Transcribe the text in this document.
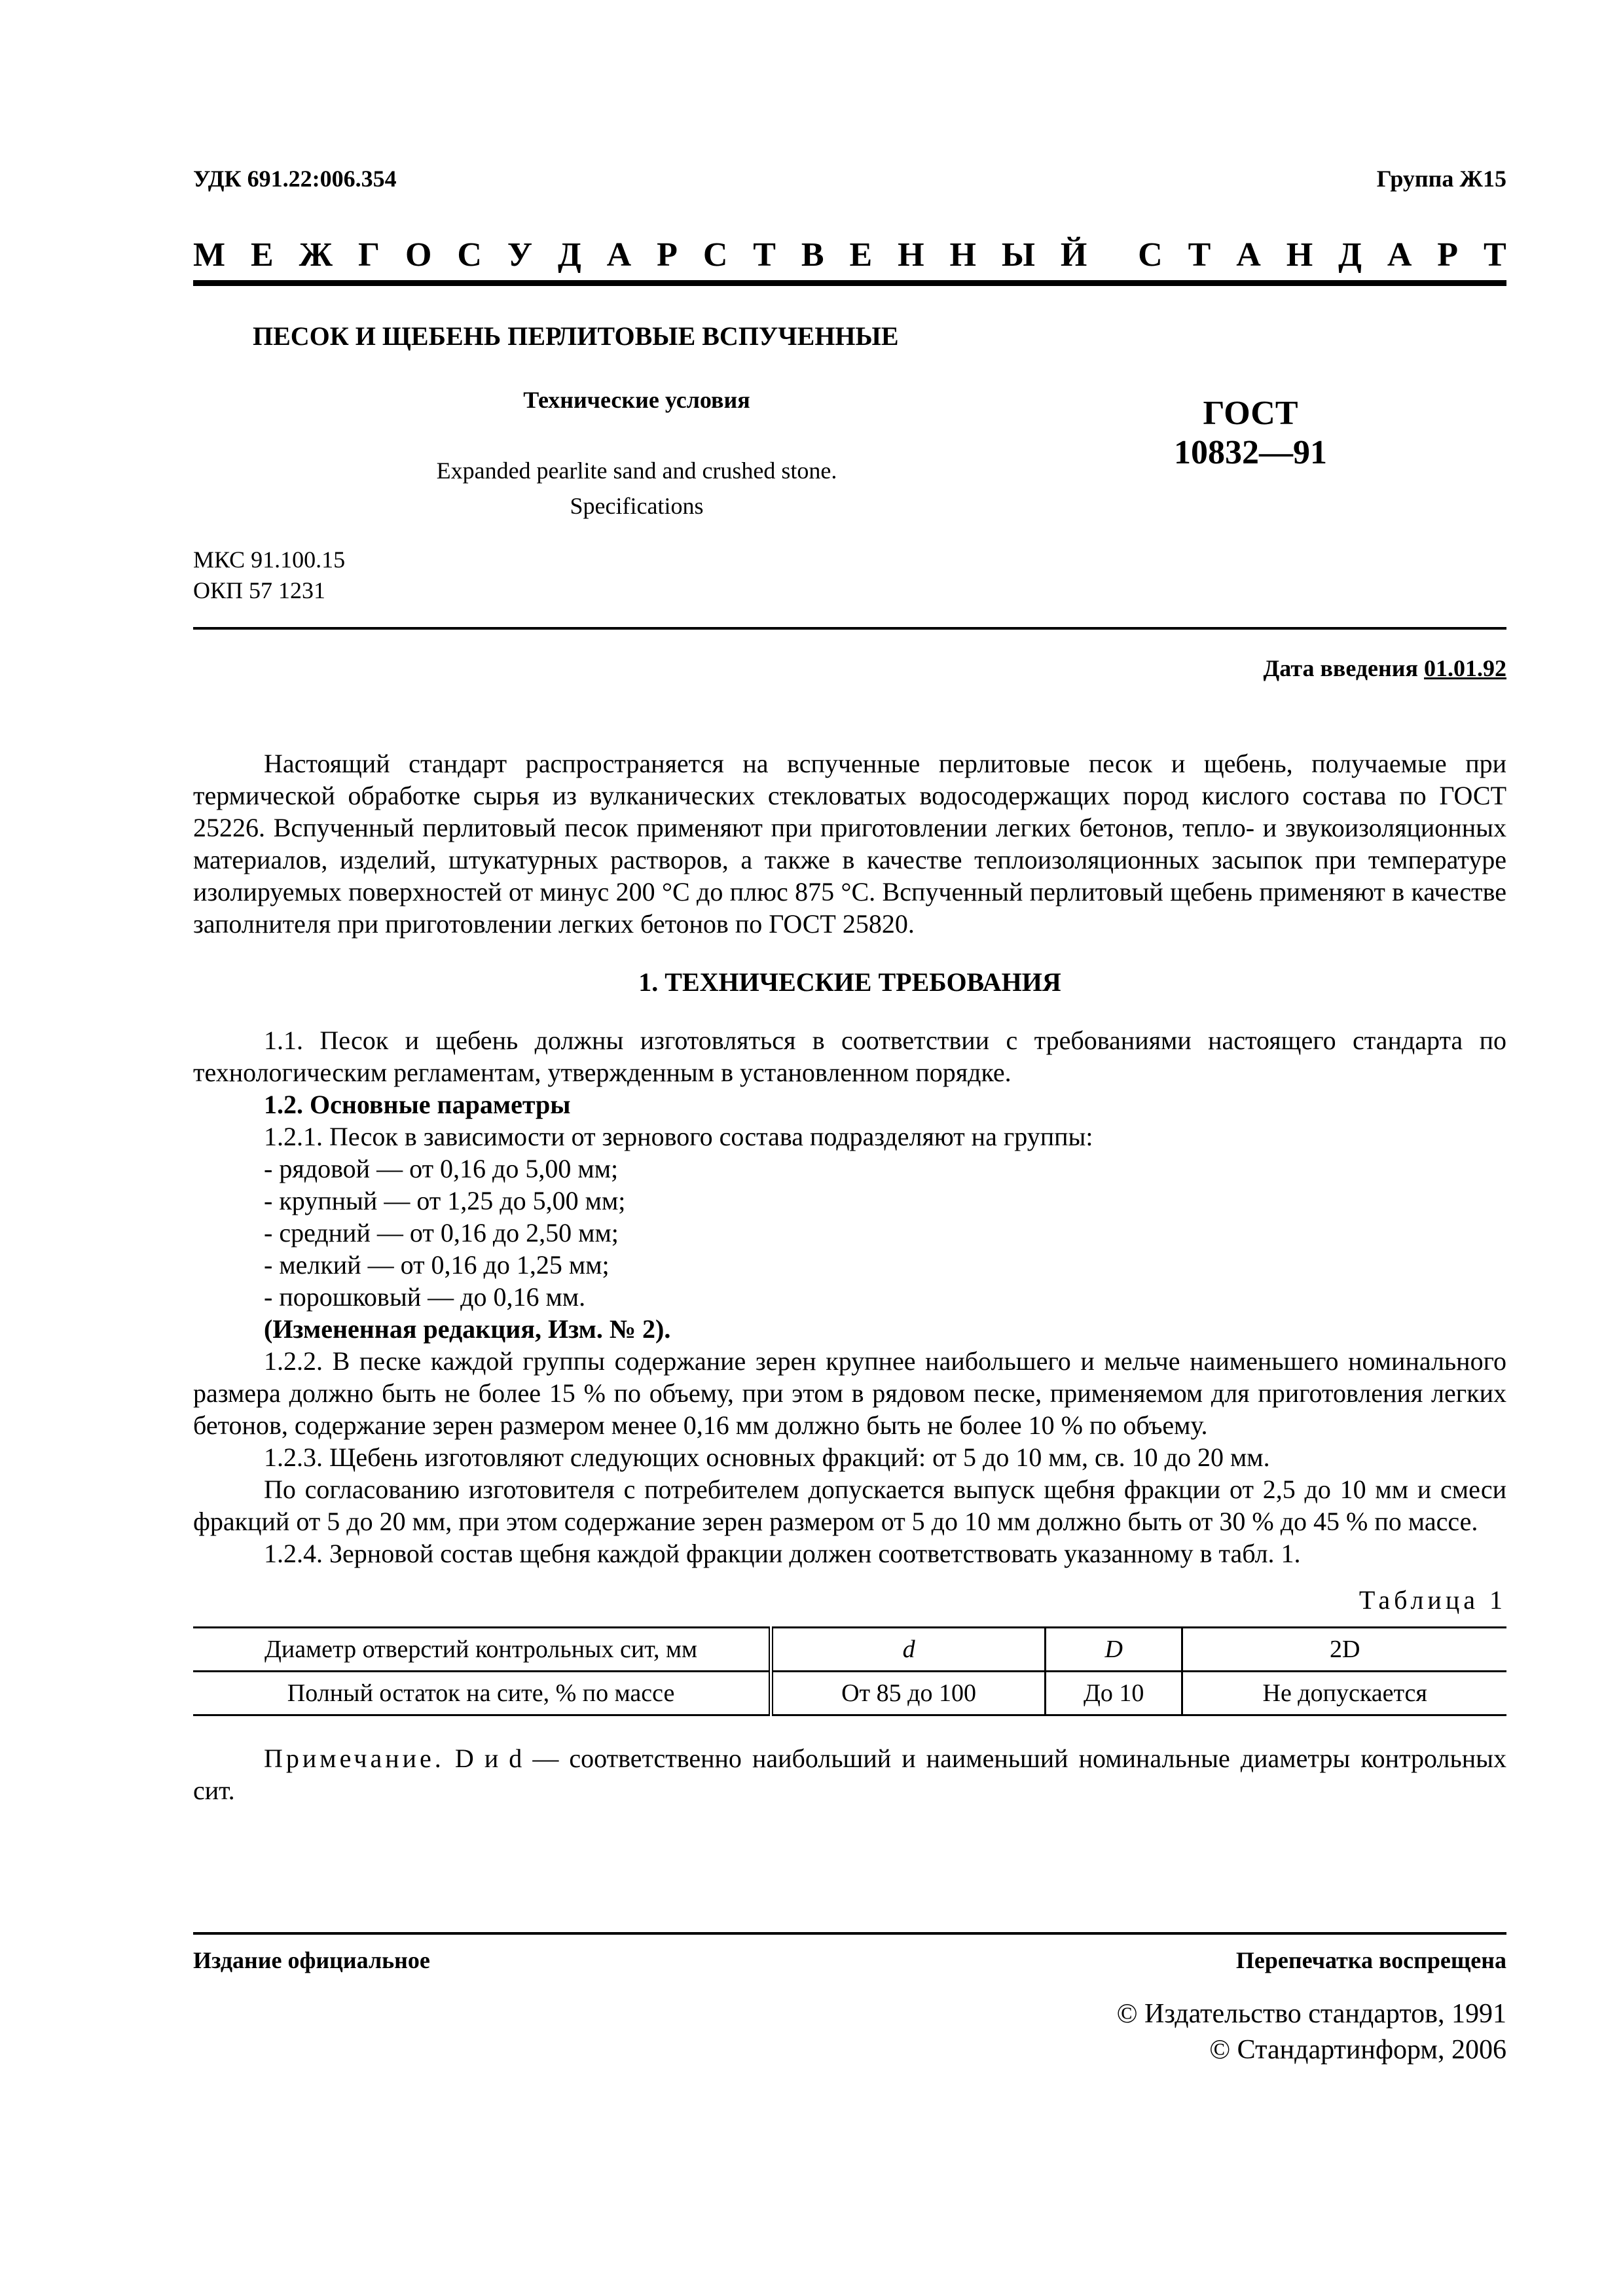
УДК 691.22:006.354	Группа Ж15
М Е Ж Г О С У Д А Р С Т В Е Н Н Ы Й С Т А Н Д А Р Т
ПЕСОК И ЩЕБЕНЬ ПЕРЛИТОВЫЕ ВСПУЧЕННЫЕ
Технические условия
Expanded pearlite sand and crushed stone.
Specifications
ГОСТ
10832—91
МКС 91.100.15
ОКП 57 1231
Дата введения 01.01.92

Настоящий стандарт распространяется на вспученные перлитовые песок и щебень, получаемые при термической обработке сырья из вулканических стекловатых водосодержащих пород кислого состава по ГОСТ 25226. Вспученный перлитовый песок применяют при приготовлении легких бетонов, тепло- и звукоизоляционных материалов, изделий, штукатурных растворов, а также в качестве теплоизоляционных засыпок при температуре изолируемых поверхностей от минус 200 °С до плюс 875 °С. Вспученный перлитовый щебень применяют в качестве заполнителя при приготовлении легких бетонов по ГОСТ 25820.

1. ТЕХНИЧЕСКИЕ ТРЕБОВАНИЯ

1.1. Песок и щебень должны изготовляться в соответствии с требованиями настоящего стандарта по технологическим регламентам, утвержденным в установленном порядке.

1.2. Основные параметры

1.2.1. Песок в зависимости от зернового состава подразделяют на группы:

- рядовой — от 0,16 до 5,00 мм;

- крупный — от 1,25 до 5,00 мм;

- средний — от 0,16 до 2,50 мм;

- мелкий — от 0,16 до 1,25 мм;

- порошковый — до 0,16 мм.

(Измененная редакция, Изм. № 2).

1.2.2. В песке каждой группы содержание зерен крупнее наибольшего и мельче наименьшего номинального размера должно быть не более 15 % по объему, при этом в рядовом песке, применяемом для приготовления легких бетонов, содержание зерен размером менее 0,16 мм должно быть не более 10 % по объему.

1.2.3. Щебень изготовляют следующих основных фракций: от 5 до 10 мм, св. 10 до 20 мм.

По согласованию изготовителя с потребителем допускается выпуск щебня фракции от 2,5 до 10 мм и смеси фракций от 5 до 20 мм, при этом содержание зерен размером от 5 до 10 мм должно быть от 30 % до 45 % по массе.

1.2.4. Зерновой состав щебня каждой фракции должен соответствовать указанному в табл. 1.

Таблица 1

Диаметр отверстий контрольных сит, мм	d	D	2D
Полный остаток на сите, % по массе	От 85 до 100	До 10	Не допускается

Примечание. D и d — соответственно наибольший и наименьший номинальные диаметры контрольных сит.

Издание официальное	Перепечатка воспрещена
© Издательство стандартов, 1991
© Стандартинформ, 2006
